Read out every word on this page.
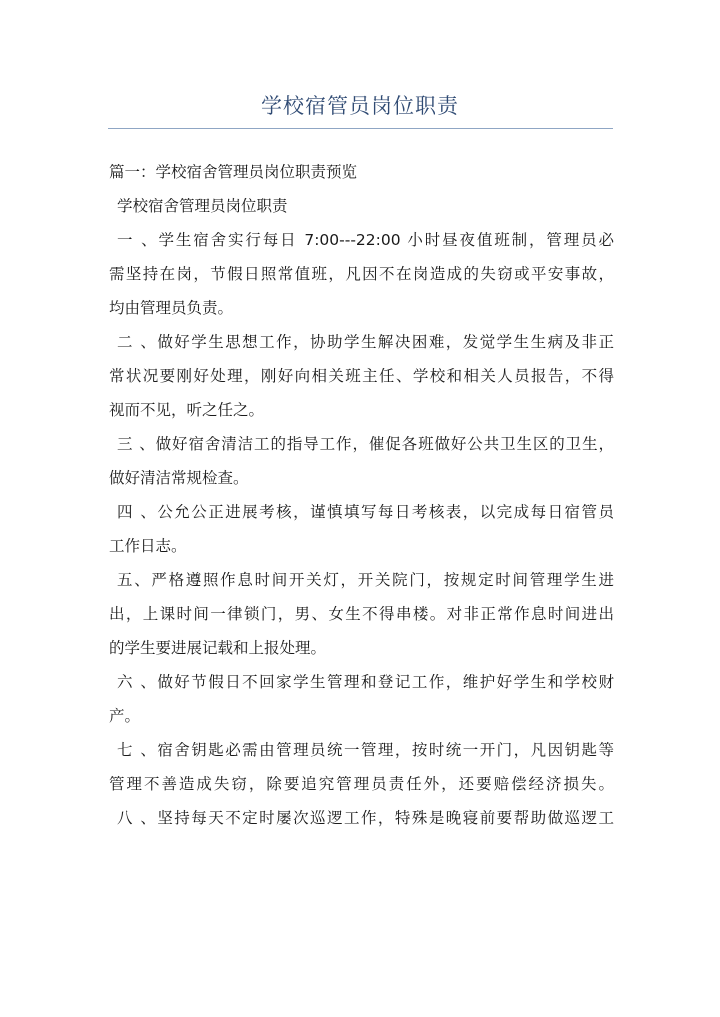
学校宿管员岗位职责
篇一：学校宿舍管理员岗位职责预览
学校宿舍管理员岗位职责
一 、学生宿舍实行每日 7:00---22:00 小时昼夜值班制，管理员必
需坚持在岗，节假日照常值班，凡因不在岗造成的失窃或平安事故，
均由管理员负责。
二 、做好学生思想工作，协助学生解决困难，发觉学生生病及非正
常状况要刚好处理，刚好向相关班主任、学校和相关人员报告，不得
视而不见，听之任之。
三 、做好宿舍清洁工的指导工作，催促各班做好公共卫生区的卫生，
做好清洁常规检查。
四 、公允公正进展考核，谨慎填写每日考核表，以完成每日宿管员
工作日志。
五、严格遵照作息时间开关灯，开关院门，按规定时间管理学生进
出，上课时间一律锁门，男、女生不得串楼。对非正常作息时间进出
的学生要进展记载和上报处理。
六 、做好节假日不回家学生管理和登记工作，维护好学生和学校财
产。
七 、宿舍钥匙必需由管理员统一管理，按时统一开门，凡因钥匙等
管理不善造成失窃，除要追究管理员责任外，还要赔偿经济损失。
八 、坚持每天不定时屡次巡逻工作，特殊是晚寝前要帮助做巡逻工
